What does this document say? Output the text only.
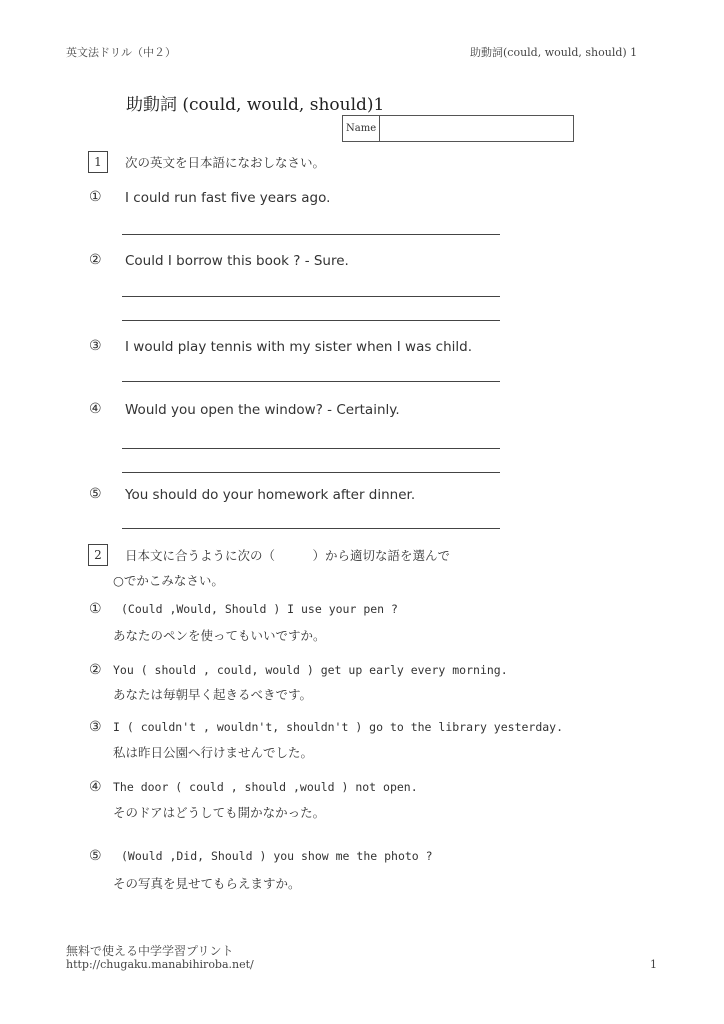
英文法ドリル（中２）	助動詞(could, would, should) 1
助動詞 (could, would, should)1
Name
1	次の英文を日本語になおしなさい。
① I could run fast five years ago.
② Could I borrow this book ? - Sure.
③ I would play tennis with my sister when I was child.
④ Would you open the window? - Certainly.
⑤ You should do your homework after dinner.
2	日本文に合うように次の（　　　）から適切な語を選んで
○でかこみなさい。
① (Could ,Would, Should ) I use your pen ?
あなたのペンを使ってもいいですか。
② You ( should , could, would ) get up early every morning.
あなたは毎朝早く起きるべきです。
③ I ( couldn't , wouldn't, shouldn't ) go to the library yesterday.
私は昨日公園へ行けませんでした。
④ The door ( could , should ,would ) not open.
そのドアはどうしても開かなかった。
⑤ (Would ,Did, Should ) you show me the photo ?
その写真を見せてもらえますか。
無料で使える中学学習プリント
http://chugaku.manabihiroba.net/	1
